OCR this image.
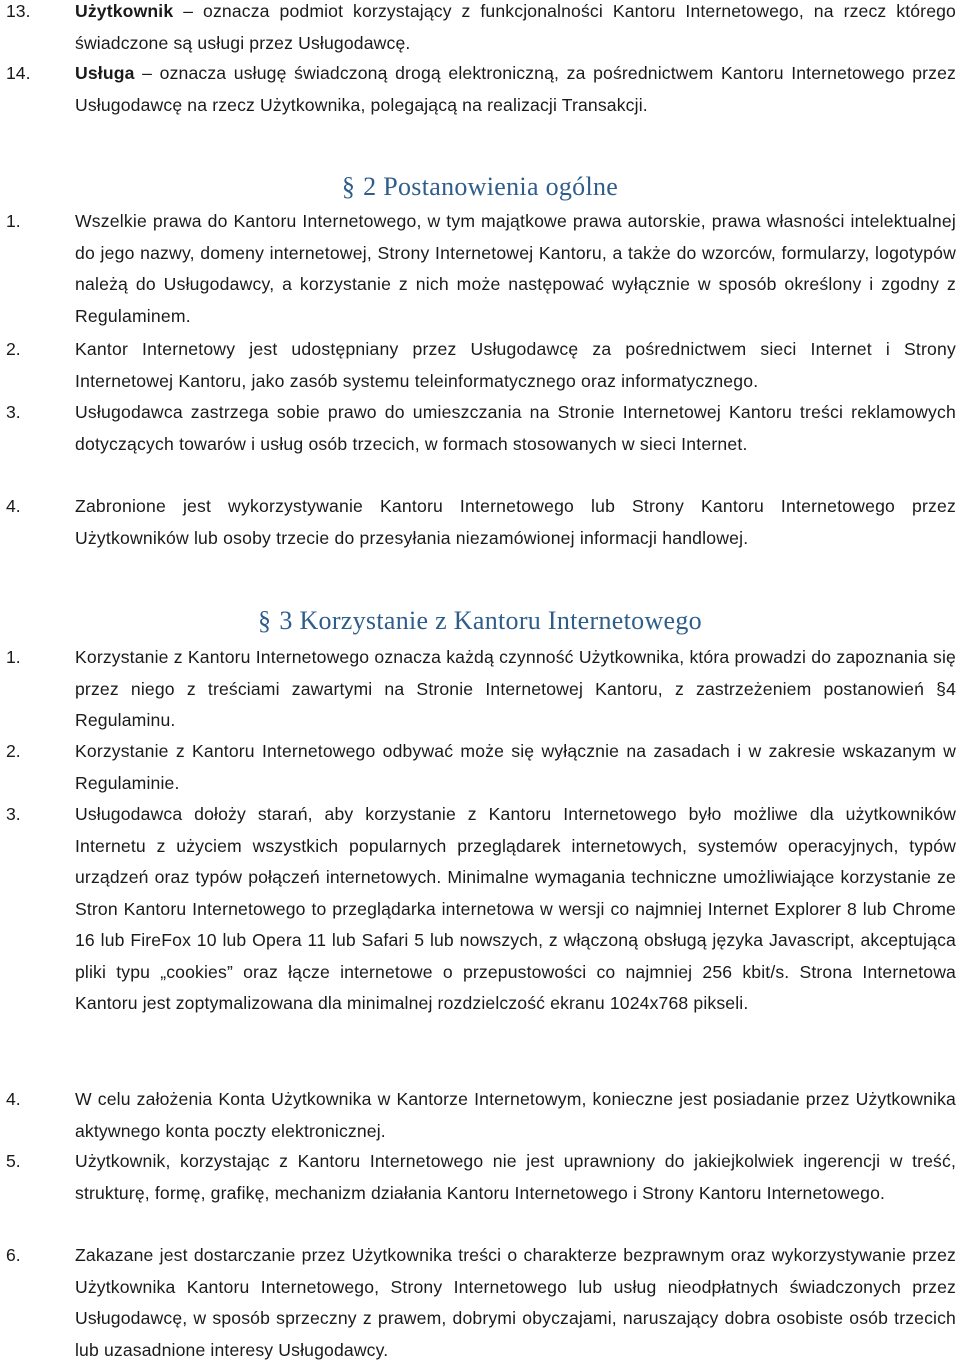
13.	Użytkownik – oznacza podmiot korzystający z funkcjonalności Kantoru Internetowego, na rzecz którego świadczone są usługi przez Usługodawcę.
14.	Usługa – oznacza usługę świadczoną drogą elektroniczną, za pośrednictwem Kantoru Internetowego przez Usługodawcę na rzecz Użytkownika, polegającą na realizacji Transakcji.
§ 2 Postanowienia ogólne
1.	Wszelkie prawa do Kantoru Internetowego, w tym majątkowe prawa autorskie, prawa własności intelektualnej do jego nazwy, domeny internetowej, Strony Internetowej Kantoru, a także do wzorców, formularzy, logotypów należą do Usługodawcy, a korzystanie z nich może następować wyłącznie w sposób określony i zgodny z Regulaminem.
2.	Kantor Internetowy jest udostępniany przez Usługodawcę za pośrednictwem sieci Internet i Strony Internetowej Kantoru, jako zasób systemu teleinformatycznego oraz informatycznego.
3.	Usługodawca zastrzega sobie prawo do umieszczania na Stronie Internetowej Kantoru treści reklamowych dotyczących towarów i usług osób trzecich, w formach stosowanych w sieci Internet.
4.	Zabronione jest wykorzystywanie Kantoru Internetowego lub Strony Kantoru Internetowego przez Użytkowników lub osoby trzecie do przesyłania niezamówionej informacji handlowej.
§ 3 Korzystanie z Kantoru Internetowego
1.	Korzystanie z Kantoru Internetowego oznacza każdą czynność Użytkownika, która prowadzi do zapoznania się przez niego z treściami zawartymi na Stronie Internetowej Kantoru, z zastrzeżeniem postanowień §4 Regulaminu.
2.	Korzystanie z Kantoru Internetowego odbywać może się wyłącznie na zasadach i w zakresie wskazanym w Regulaminie.
3.	Usługodawca dołoży starań, aby korzystanie z Kantoru Internetowego było możliwe dla użytkowników Internetu z użyciem wszystkich popularnych przeglądarek internetowych, systemów operacyjnych, typów urządzeń oraz typów połączeń internetowych. Minimalne wymagania techniczne umożliwiające korzystanie ze Stron Kantoru Internetowego to przeglądarka internetowa w wersji co najmniej Internet Explorer 8 lub Chrome 16 lub FireFox 10 lub Opera 11 lub Safari 5 lub nowszych, z włączoną obsługą języka Javascript, akceptująca pliki typu „cookies” oraz łącze internetowe o przepustowości co najmniej 256 kbit/s. Strona Internetowa Kantoru jest zoptymalizowana dla minimalnej rozdzielczość ekranu 1024x768 pikseli.
4.	W celu założenia Konta Użytkownika w Kantorze Internetowym, konieczne jest posiadanie przez Użytkownika aktywnego konta poczty elektronicznej.
5.	Użytkownik, korzystając z Kantoru Internetowego nie jest uprawniony do jakiejkolwiek ingerencji w treść, strukturę, formę, grafikę, mechanizm działania Kantoru Internetowego i Strony Kantoru Internetowego.
6.	Zakazane jest dostarczanie przez Użytkownika treści o charakterze bezprawnym oraz wykorzystywanie przez Użytkownika Kantoru Internetowego, Strony Internetowego lub usług nieodpłatnych świadczonych przez Usługodawcę, w sposób sprzeczny z prawem, dobrymi obyczajami, naruszający dobra osobiste osób trzecich lub uzasadnione interesy Usługodawcy.
